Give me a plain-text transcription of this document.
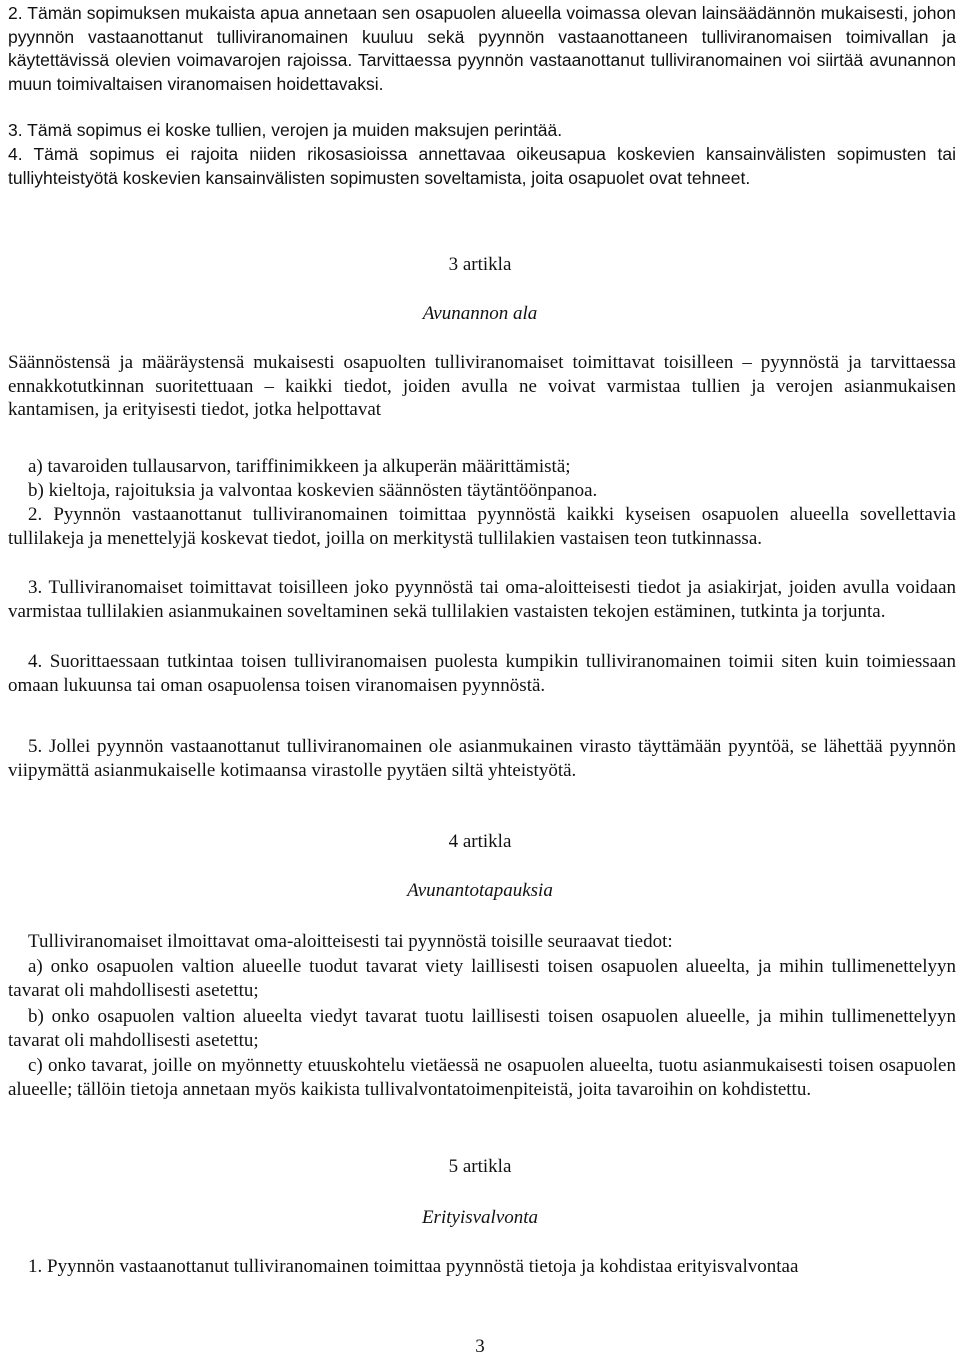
2. Tämän sopimuksen mukaista apua annetaan sen osapuolen alueella voimassa olevan lainsäädännön mukaisesti, johon pyynnön vastaanottanut tulliviranomainen kuuluu sekä pyynnön vastaanottaneen tulliviranomaisen toimivallan ja käytettävissä olevien voimavarojen rajoissa. Tarvittaessa pyynnön vastaanottanut tulliviranomainen voi siirtää avunannon muun toimivaltaisen viranomaisen hoidettavaksi.

3. Tämä sopimus ei koske tullien, verojen ja muiden maksujen perintää.

4. Tämä sopimus ei rajoita niiden rikosasioissa annettavaa oikeusapua koskevien kansainvälisten sopimusten tai tulliyhteistyötä koskevien kansainvälisten sopimusten soveltamista, joita osapuolet ovat tehneet.

3 artikla
Avunannon ala

Säännöstensä ja määräystensä mukaisesti osapuolten tulliviranomaiset toimittavat toisilleen – pyynnöstä ja tarvittaessa ennakkotutkinnan suoritettuaan – kaikki tiedot, joiden avulla ne voivat varmistaa tullien ja verojen asianmukaisen kantamisen, ja erityisesti tiedot, jotka helpottavat

a) tavaroiden tullausarvon, tariffinimikkeen ja alkuperän määrittämistä;

b) kieltoja, rajoituksia ja valvontaa koskevien säännösten täytäntöönpanoa.

2. Pyynnön vastaanottanut tulliviranomainen toimittaa pyynnöstä kaikki kyseisen osapuolen alueella sovellettavia tullilakeja ja menettelyjä koskevat tiedot, joilla on merkitystä tullilakien vastaisen teon tutkinnassa.

3. Tulliviranomaiset toimittavat toisilleen joko pyynnöstä tai oma-aloitteisesti tiedot ja asiakirjat, joiden avulla voidaan varmistaa tullilakien asianmukainen soveltaminen sekä tullilakien vastaisten tekojen estäminen, tutkinta ja torjunta.

4. Suorittaessaan tutkintaa toisen tulliviranomaisen puolesta kumpikin tulliviranomainen toimii siten kuin toimiessaan omaan lukuunsa tai oman osapuolensa toisen viranomaisen pyynnöstä.

5. Jollei pyynnön vastaanottanut tulliviranomainen ole asianmukainen virasto täyttämään pyyntöä, se lähettää pyynnön viipymättä asianmukaiselle kotimaansa virastolle pyytäen siltä yhteistyötä.

4 artikla
Avunantotapauksia

Tulliviranomaiset ilmoittavat oma-aloitteisesti tai pyynnöstä toisille seuraavat tiedot:

a) onko osapuolen valtion alueelle tuodut tavarat viety laillisesti toisen osapuolen alueelta, ja mihin tullimenettelyyn tavarat oli mahdollisesti asetettu;

b) onko osapuolen valtion alueelta viedyt tavarat tuotu laillisesti toisen osapuolen alueelle, ja mihin tullimenettelyyn tavarat oli mahdollisesti asetettu;

c) onko tavarat, joille on myönnetty etuuskohtelu vietäessä ne osapuolen alueelta, tuotu asianmukaisesti toisen osapuolen alueelle; tällöin tietoja annetaan myös kaikista tullivalvontatoimenpiteistä, joita tavaroihin on kohdistettu.

5 artikla
Erityisvalvonta

1. Pyynnön vastaanottanut tulliviranomainen toimittaa pyynnöstä tietoja ja kohdistaa erityisvalvontaa

3
